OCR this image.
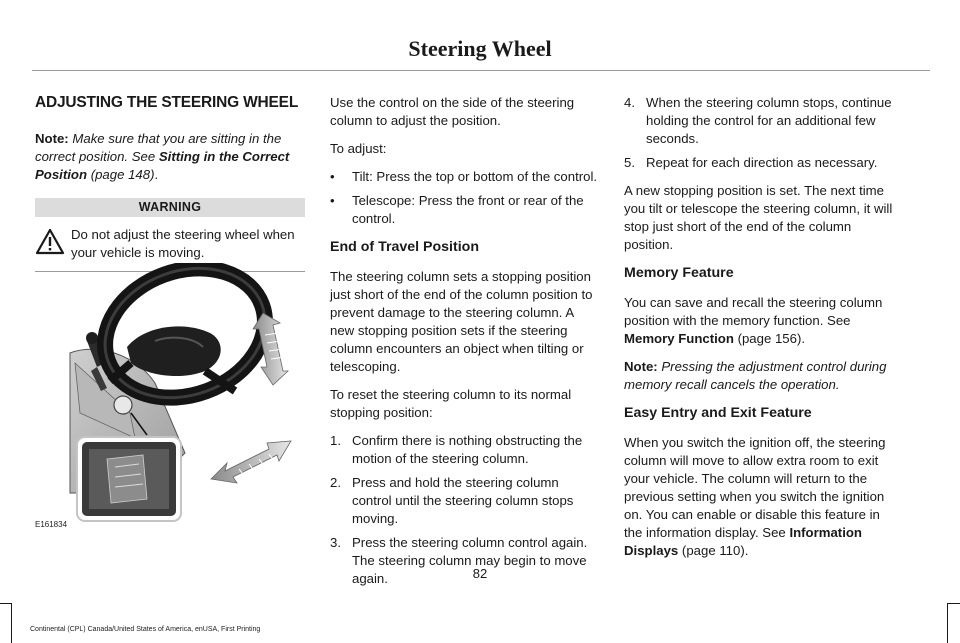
Steering Wheel
ADJUSTING THE STEERING WHEEL

Note: Make sure that you are sitting in the correct position. See Sitting in the Correct Position (page 148).

WARNING
Do not adjust the steering wheel when your vehicle is moving.
E161834

Use the control on the side of the steering column to adjust the position.

To adjust:

• Tilt: Press the top or bottom of the control.
• Telescope: Press the front or rear of the control.
End of Travel Position

The steering column sets a stopping position just short of the end of the column position to prevent damage to the steering column. A new stopping position sets if the steering column encounters an object when tilting or telescoping.

To reset the steering column to its normal stopping position:

1. Confirm there is nothing obstructing the motion of the steering column.
2. Press and hold the steering column control until the steering column stops moving.
3. Press the steering column control again. The steering column may begin to move again.
4. When the steering column stops, continue holding the control for an additional few seconds.
5. Repeat for each direction as necessary.

A new stopping position is set. The next time you tilt or telescope the steering column, it will stop just short of the end of the column position.

Memory Feature

You can save and recall the steering column position with the memory function. See Memory Function (page 156).

Note: Pressing the adjustment control during memory recall cancels the operation.

Easy Entry and Exit Feature

When you switch the ignition off, the steering column will move to allow extra room to exit your vehicle. The column will return to the previous setting when you switch the ignition on. You can enable or disable this feature in the information display. See Information Displays (page 110).

82
Continental (CPL) Canada/United States of America, enUSA, First Printing
